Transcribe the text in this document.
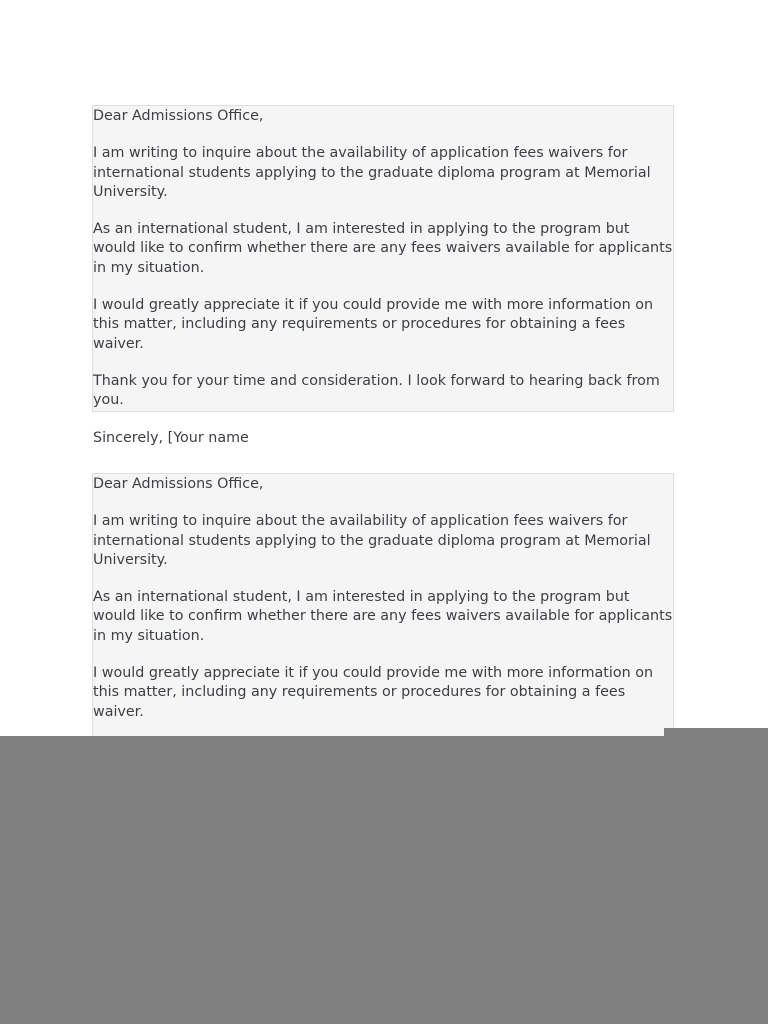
Dear Admissions Office,

I am writing to inquire about the availability of application fees waivers for international students applying to the graduate diploma program at Memorial University.

As an international student, I am interested in applying to the program but would like to confirm whether there are any fees waivers available for applicants in my situation.

I would greatly appreciate it if you could provide me with more information on this matter, including any requirements or procedures for obtaining a fees waiver.

Thank you for your time and consideration. I look forward to hearing back from you.

Sincerely, [Your name

Dear Admissions Office,

I am writing to inquire about the availability of application fees waivers for international students applying to the graduate diploma program at Memorial University.

As an international student, I am interested in applying to the program but would like to confirm whether there are any fees waivers available for applicants in my situation.

I would greatly appreciate it if you could provide me with more information on this matter, including any requirements or procedures for obtaining a fees waiver.
